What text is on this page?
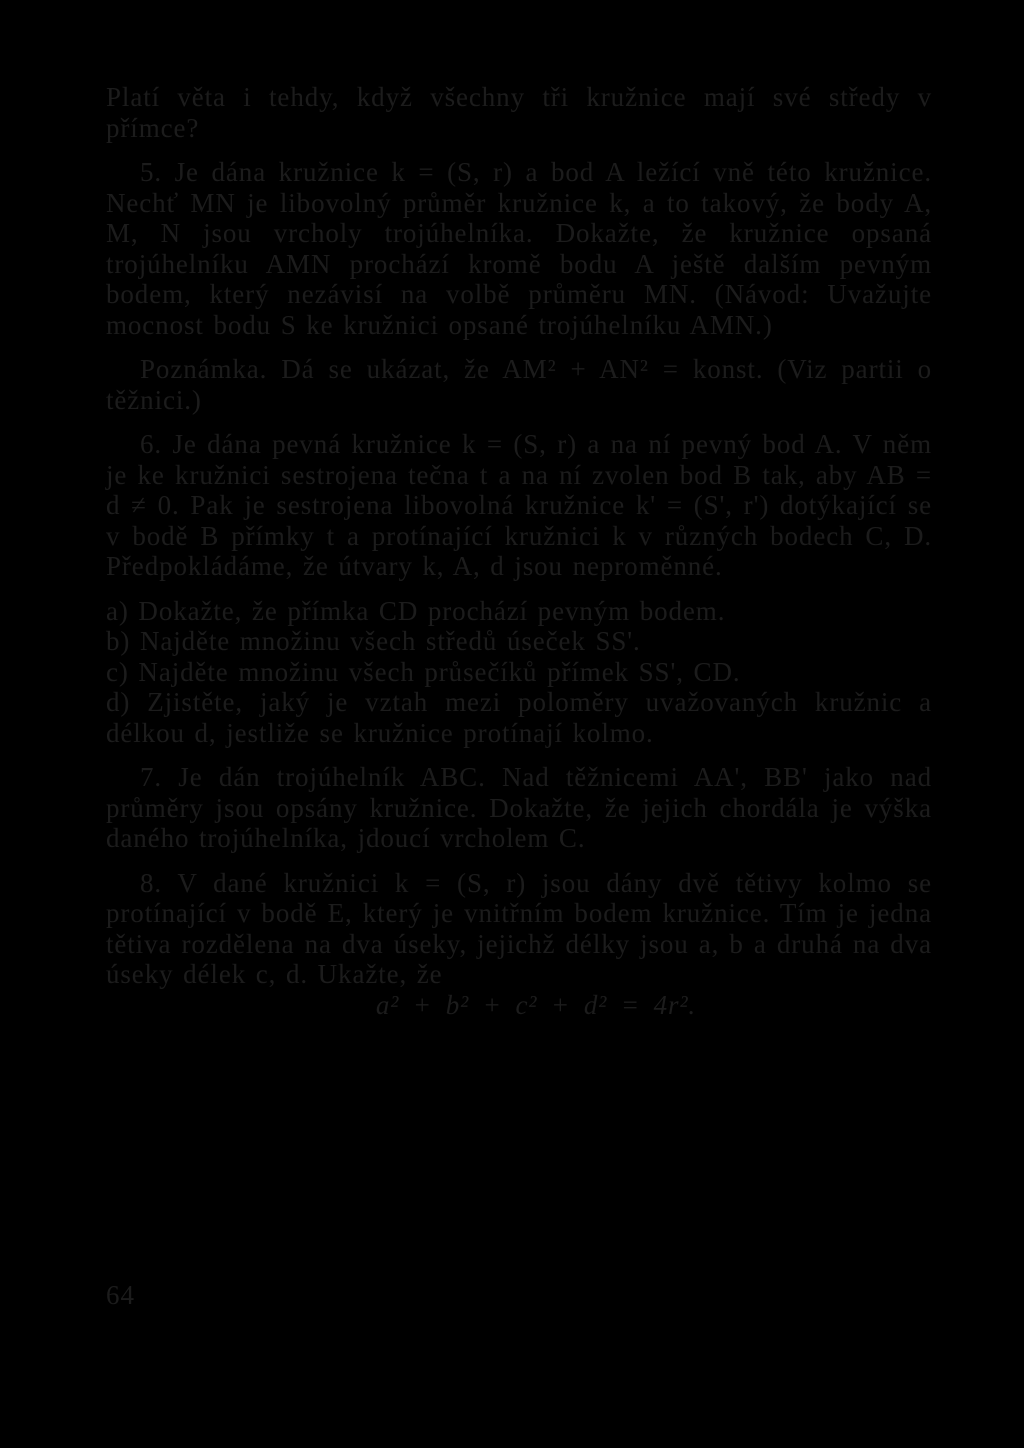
Platí věta i tehdy, když všechny tři kružnice mají své středy v přímce?

5. Je dána kružnice k = (S, r) a bod A ležící vně této kružnice. Nechť MN je libovolný průměr kružnice k, a to takový, že body A, M, N jsou vrcholy trojúhelníka. Dokažte, že kružnice opsaná trojúhelníku AMN prochází kromě bodu A ještě dalším pevným bodem, který nezávisí na volbě průměru MN. (Návod: Uvažujte mocnost bodu S ke kružnici opsané trojúhelníku AMN.)

Poznámka. Dá se ukázat, že AM² + AN² = konst. (Viz partii o těžnici.)

6. Je dána pevná kružnice k = (S, r) a na ní pevný bod A. V něm je ke kružnici sestrojena tečna t a na ní zvolen bod B tak, aby AB = d ≠ 0. Pak je sestrojena libovolná kružnice k' = (S', r') dotýkající se v bodě B přímky t a protínající kružnici k v různých bodech C, D. Předpokládáme, že útvary k, A, d jsou neproměnné.

a) Dokažte, že přímka CD prochází pevným bodem.

b) Najděte množinu všech středů úseček SS'.

c) Najděte množinu všech průsečíků přímek SS', CD.

d) Zjistěte, jaký je vztah mezi poloměry uvažovaných kružnic a délkou d, jestliže se kružnice protínají kolmo.

7. Je dán trojúhelník ABC. Nad těžnicemi AA', BB' jako nad průměry jsou opsány kružnice. Dokažte, že jejich chordála je výška daného trojúhelníka, jdoucí vrcholem C.

8. V dané kružnici k = (S, r) jsou dány dvě tětivy kolmo se protínající v bodě E, který je vnitřním bodem kružnice. Tím je jedna tětiva rozdělena na dva úseky, jejichž délky jsou a, b a druhá na dva úseky délek c, d. Ukažte, že

a² + b² + c² + d² = 4r².

64
